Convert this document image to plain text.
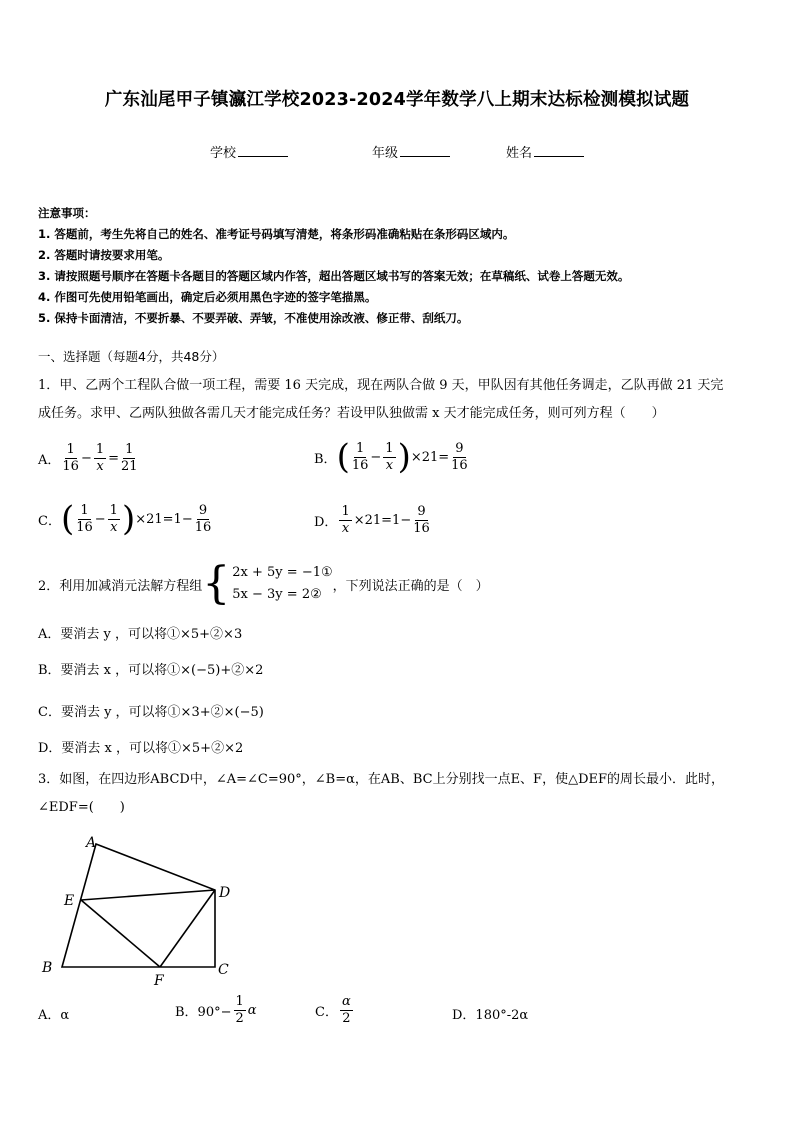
广东汕尾甲子镇瀛江学校2023-2024学年数学八上期末达标检测模拟试题
学校	年级	姓名
注意事项：
1. 答题前，考生先将自己的姓名、准考证号码填写清楚，将条形码准确粘贴在条形码区域内。
2. 答题时请按要求用笔。
3. 请按照题号顺序在答题卡各题目的答题区域内作答，超出答题区域书写的答案无效；在草稿纸、试卷上答题无效。
4. 作图可先使用铅笔画出，确定后必须用黑色字迹的签字笔描黑。
5. 保持卡面清洁，不要折暴、不要弄破、弄皱，不准使用涂改液、修正带、刮纸刀。
一、选择题（每题4分，共48分）
1．甲、乙两个工程队合做一项工程，需要 16 天完成，现在两队合做 9 天，甲队因有其他任务调走，乙队再做 21 天完
成任务。求甲、乙两队独做各需几天才能完成任务？若设甲队独做需 x 天才能完成任务，则可列方程（　　）
A．
1
16
−
1
x
=
1
21	B． ( 1
16
−
1
x ) ×21=
9
16
C． ( 1
16
−
1
x ) ×21=1−
9
16	D．
1
x
×21=1−
9
16
2．利用加减消元法解方程组 { 2x + 5y = −1①
5x − 3y = 2②
，下列说法正确的是（　）
A．要消去 y ，可以将①×5+②×3
B．要消去 x ，可以将①×(−5)+②×2
C．要消去 y ，可以将①×3+②×(−5)
D．要消去 x ，可以将①×5+②×2
3．如图，在四边形ABCD中，∠A=∠C=90°，∠B=α，在AB、BC上分别找一点E、F，使△DEF的周长最小．此时，
∠EDF=(　　)
A
E
B
F
C
D
A．α	B．$90^\circ- \frac{1}{2}$ α	C．
α
2	D．180°-2α
